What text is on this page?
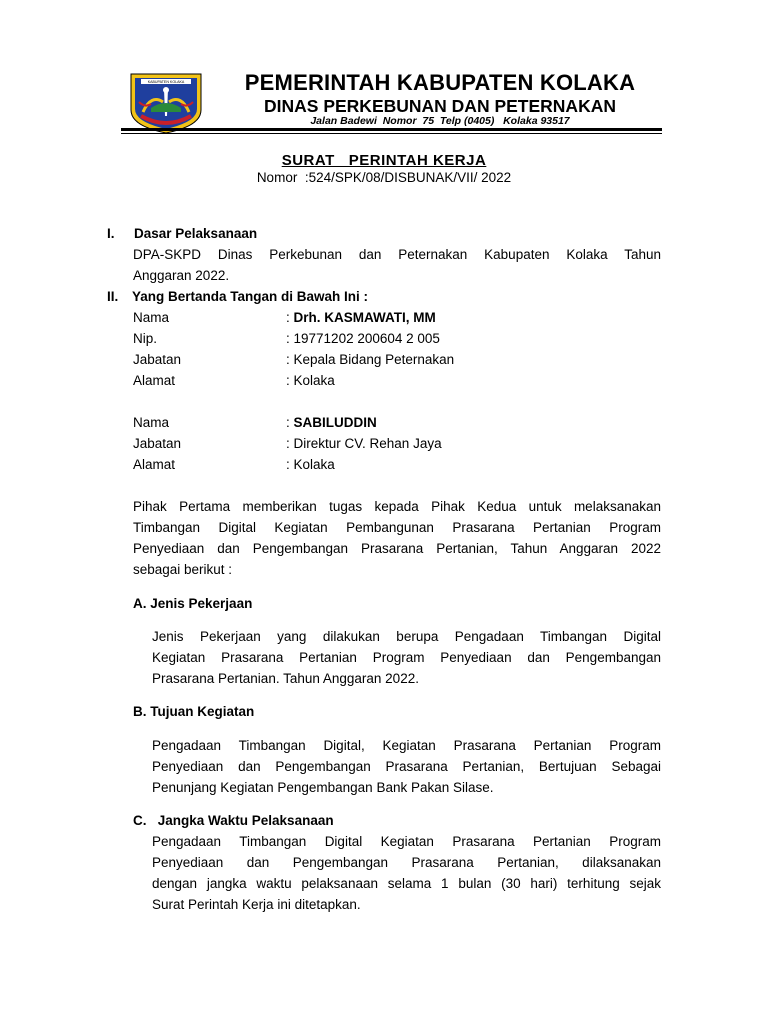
KABUPATEN KOLAKA	PEMERINTAH KABUPATEN KOLAKA
DINAS PERKEBUNAN DAN PETERNAKAN
Jalan Badewi  Nomor  75  Telp (0405)   Kolaka 93517
SURAT   PERINTAH KERJA
Nomor  :524/SPK/08/DISBUNAK/VII/ 2022
I. Dasar Pelaksanaan
DPA-SKPD Dinas Perkebunan dan Peternakan Kabupaten Kolaka Tahun
Anggaran 2022.
II. Yang Bertanda Tangan di Bawah Ini :
Nama	: Drh. KASMAWATI, MM
Nip.	: 19771202 200604 2 005
Jabatan	: Kepala Bidang Peternakan
Alamat	: Kolaka
Nama	: SABILUDDIN
Jabatan	: Direktur CV. Rehan Jaya
Alamat	: Kolaka
Pihak Pertama memberikan tugas kepada Pihak Kedua untuk melaksanakan
Timbangan Digital Kegiatan Pembangunan Prasarana Pertanian Program
Penyediaan dan Pengembangan Prasarana Pertanian, Tahun Anggaran 2022
sebagai berikut :
A. Jenis Pekerjaan
Jenis Pekerjaan yang dilakukan berupa Pengadaan Timbangan Digital
Kegiatan Prasarana Pertanian Program Penyediaan dan Pengembangan
Prasarana Pertanian. Tahun Anggaran 2022.
B. Tujuan Kegiatan
Pengadaan Timbangan Digital, Kegiatan Prasarana Pertanian Program
Penyediaan dan Pengembangan Prasarana Pertanian, Bertujuan Sebagai
Penunjang Kegiatan Pengembangan Bank Pakan Silase.
C.   Jangka Waktu Pelaksanaan
Pengadaan Timbangan Digital Kegiatan Prasarana Pertanian Program
Penyediaan dan Pengembangan Prasarana Pertanian, dilaksanakan
dengan jangka waktu pelaksanaan selama 1 bulan (30 hari) terhitung sejak
Surat Perintah Kerja ini ditetapkan.
